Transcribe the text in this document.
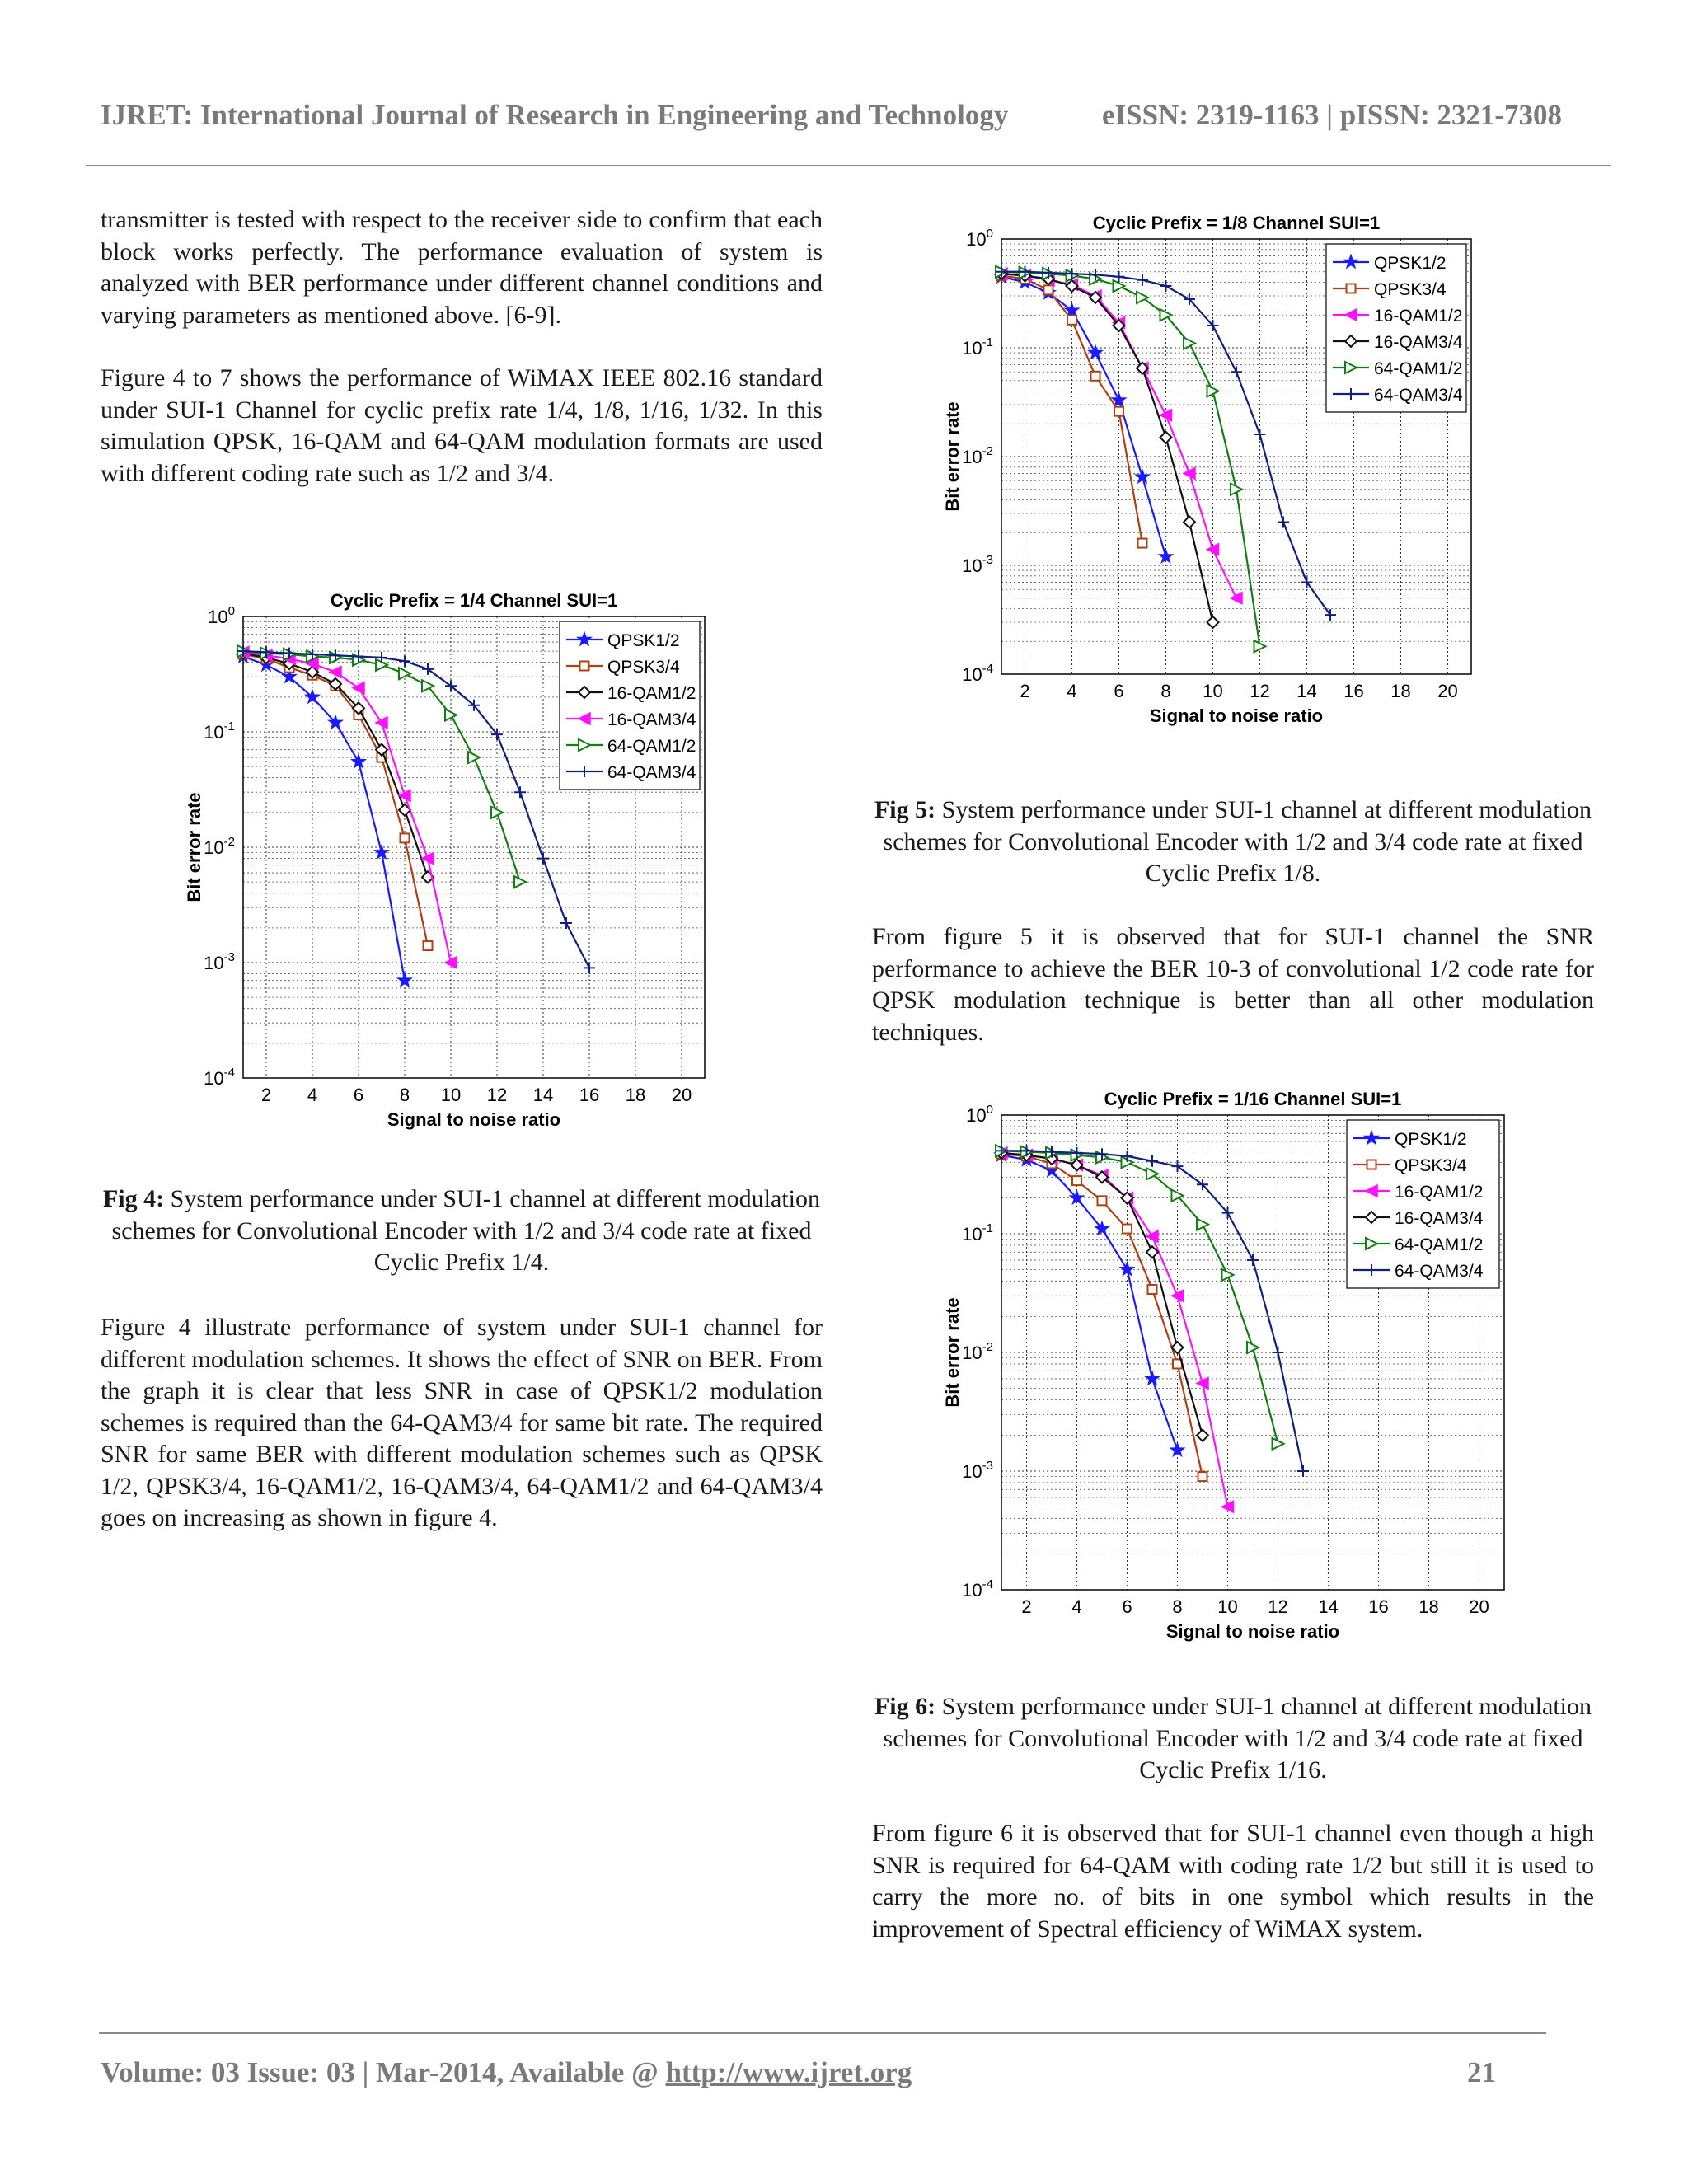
IJRET: International Journal of Research in Engineering and Technology	eISSN: 2319-1163 | pISSN: 2321-7308

transmitter is tested with respect to the receiver side to confirm that each block works perfectly. The performance evaluation of system is analyzed with BER performance under different channel conditions and varying parameters as mentioned above. [6-9].

Figure 4 to 7 shows the performance of WiMAX IEEE 802.16 standard under SUI-1 Channel for cyclic prefix rate 1/4, 1/8, 1/16, 1/32. In this simulation QPSK, 16-QAM and 64-QAM modulation formats are used with different coding rate such as 1/2 and 3/4.

2 4 6 8 10 12 14 16 18 20
$10^{-4}$
$10^{-3}$
$10^{-2}$
$10^{-1}$
$10^0$
Cyclic Prefix = 1/4 Channel SUI=1
Signal to noise ratio
Bit error rate
QPSK1/2
QPSK3/4
16-QAM1/2
16-QAM3/4
64-QAM1/2
64-QAM3/4
Fig 4: System performance under SUI-1 channel at different modulation schemes for Convolutional Encoder with 1/2 and 3/4 code rate at fixed Cyclic Prefix 1/4.

Figure 4 illustrate performance of system under SUI-1 channel for different modulation schemes. It shows the effect of SNR on BER. From the graph it is clear that less SNR in case of QPSK1/2 modulation schemes is required than the 64-QAM3/4 for same bit rate. The required SNR for same BER with different modulation schemes such as QPSK 1/2, QPSK3/4, 16-QAM1/2, 16-QAM3/4, 64-QAM1/2 and 64-QAM3/4 goes on increasing as shown in figure 4.

2 4 6 8 10 12 14 16 18 20
$10^{-4}$
$10^{-3}$
$10^{-2}$
$10^{-1}$
$10^0$
Cyclic Prefix = 1/8 Channel SUI=1
Signal to noise ratio
Bit error rate
QPSK1/2
QPSK3/4
16-QAM1/2
16-QAM3/4
64-QAM1/2
64-QAM3/4
Fig 5: System performance under SUI-1 channel at different modulation schemes for Convolutional Encoder with 1/2 and 3/4 code rate at fixed Cyclic Prefix 1/8.

From figure 5 it is observed that for SUI-1 channel the SNR performance to achieve the BER 10-3 of convolutional 1/2 code rate for QPSK modulation technique is better than all other modulation techniques.

2 4 6 8 10 12 14 16 18 20
$10^{-4}$
$10^{-3}$
$10^{-2}$
$10^{-1}$
$10^0$
Cyclic Prefix = 1/16 Channel SUI=1
Signal to noise ratio
Bit error rate
QPSK1/2
QPSK3/4
16-QAM1/2
16-QAM3/4
64-QAM1/2
64-QAM3/4
Fig 6: System performance under SUI-1 channel at different modulation schemes for Convolutional Encoder with 1/2 and 3/4 code rate at fixed Cyclic Prefix 1/16.

From figure 6 it is observed that for SUI-1 channel even though a high SNR is required for 64-QAM with coding rate 1/2 but still it is used to carry the more no. of bits in one symbol which results in the improvement of Spectral efficiency of WiMAX system.

Volume: 03 Issue: 03 | Mar-2014, Available @ http://www.ijret.org	21
